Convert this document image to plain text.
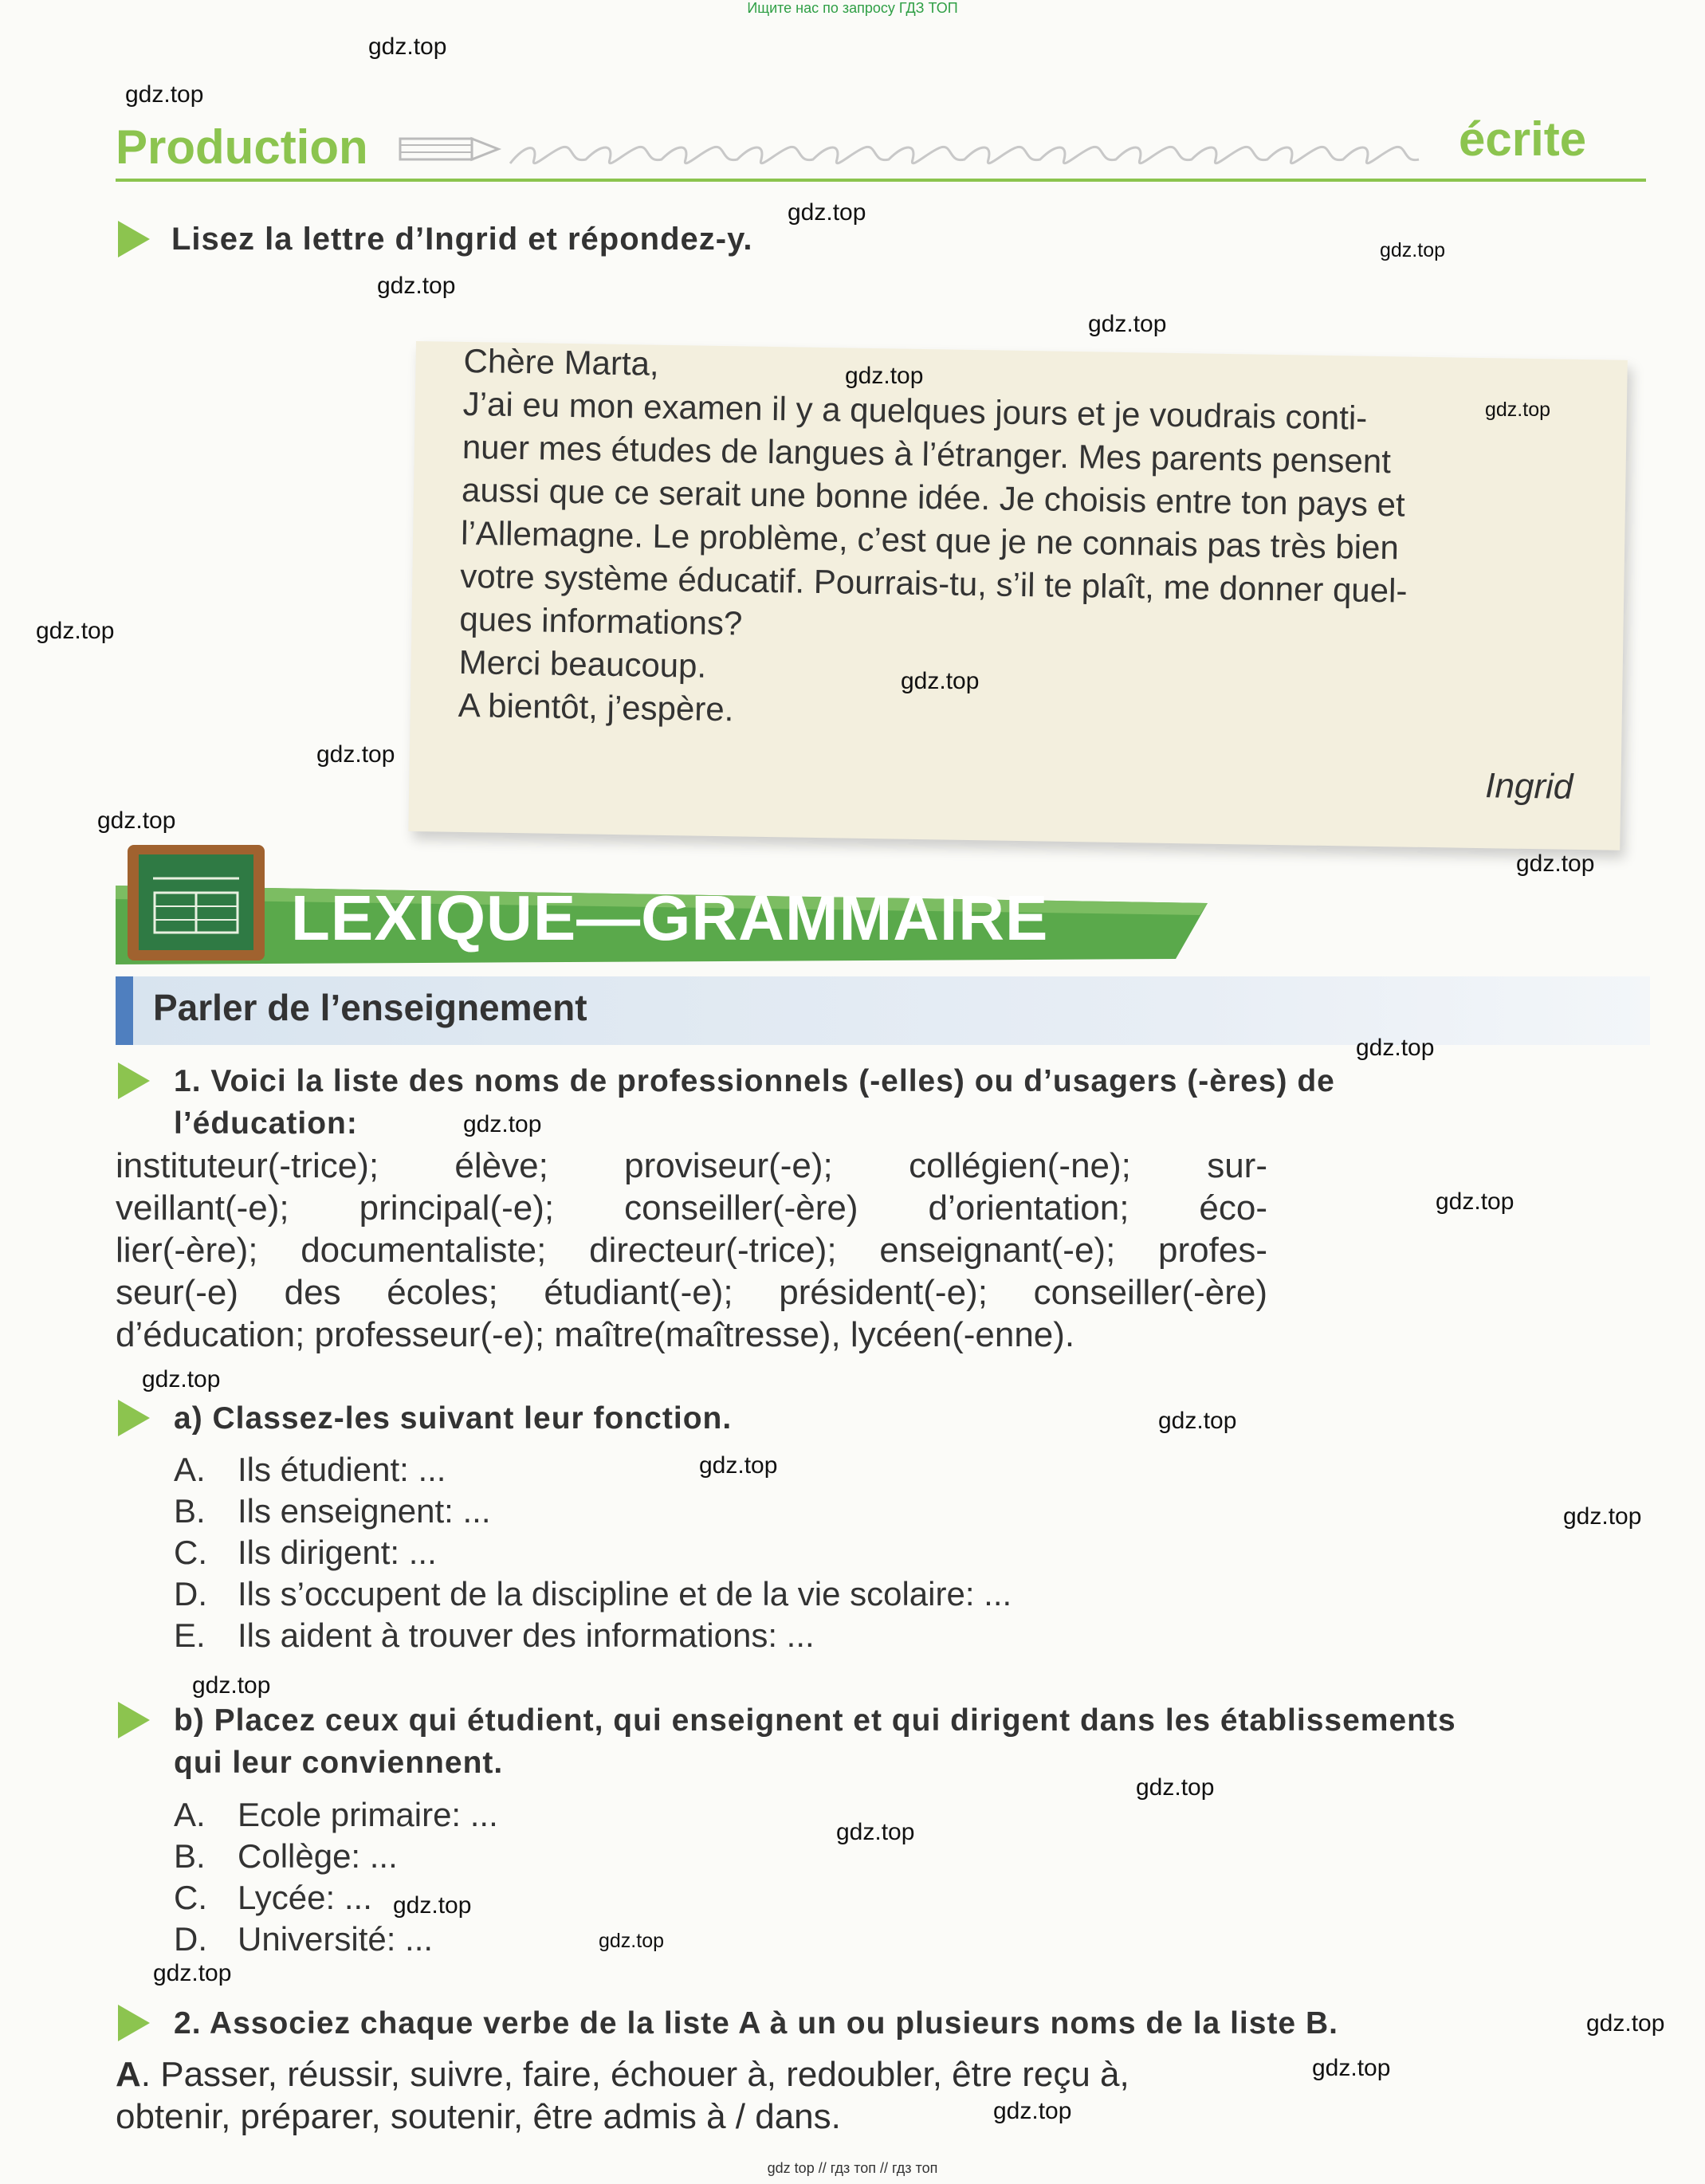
Ищите нас по запросу ГДЗ ТОП
Production	écrite
Lisez la lettre d’Ingrid et répondez-y.
Chère Marta,
J’ai eu mon examen il y a quelques jours et je voudrais conti-
nuer mes études de langues à l’étranger. Mes parents pensent
aussi que ce serait une bonne idée. Je choisis entre ton pays et
l’Allemagne. Le problème, c’est que je ne connais pas très bien
votre système éducatif. Pourrais-tu, s’il te plaît, me donner quel-
ques informations?
Merci beaucoup.
A bientôt, j’espère.
Ingrid
LEXIQUE—GRAMMAIRE
Parler de l’enseignement
1. Voici la liste des noms de professionnels (-elles) ou d’usagers (-ères) de
l’éducation:
instituteur(-trice); élève; proviseur(-e); collégien(-ne); sur-
veillant(-e); principal(-e); conseiller(-ère) d’orientation; éco-
lier(-ère); documentaliste; directeur(-trice); enseignant(-e); profes-
seur(-e) des écoles; étudiant(-e); président(-e); conseiller(-ère)
d’éducation; professeur(-e); maître(maîtresse), lycéen(-enne).
a) Classez-les suivant leur fonction.
A. Ils étudient: ...
B. Ils enseignent: ...
C. Ils dirigent: ...
D. Ils s’occupent de la discipline et de la vie scolaire: ...
E. Ils aident à trouver des informations: ...
b) Placez ceux qui étudient, qui enseignent et qui dirigent dans les établissements
qui leur conviennent.
A. Ecole primaire: ...
B. Collège: ...
C. Lycée: ...
D. Université: ...
2. Associez chaque verbe de la liste A à un ou plusieurs noms de la liste B.
A. Passer, réussir, suivre, faire, échouer à, redoubler, être reçu à,
obtenir, préparer, soutenir, être admis à / dans.
gdz top // гдз топ // гдз топ
gdz.top
gdz.top
gdz.top
gdz.top
gdz.top
gdz.top
gdz.top
gdz.top
gdz.top
gdz.top
gdz.top
gdz.top
gdz.top
gdz.top
gdz.top
gdz.top
gdz.top
gdz.top
gdz.top
gdz.top
gdz.top
gdz.top
gdz.top
gdz.top
gdz.top
gdz.top
gdz.top
gdz.top
gdz.top
